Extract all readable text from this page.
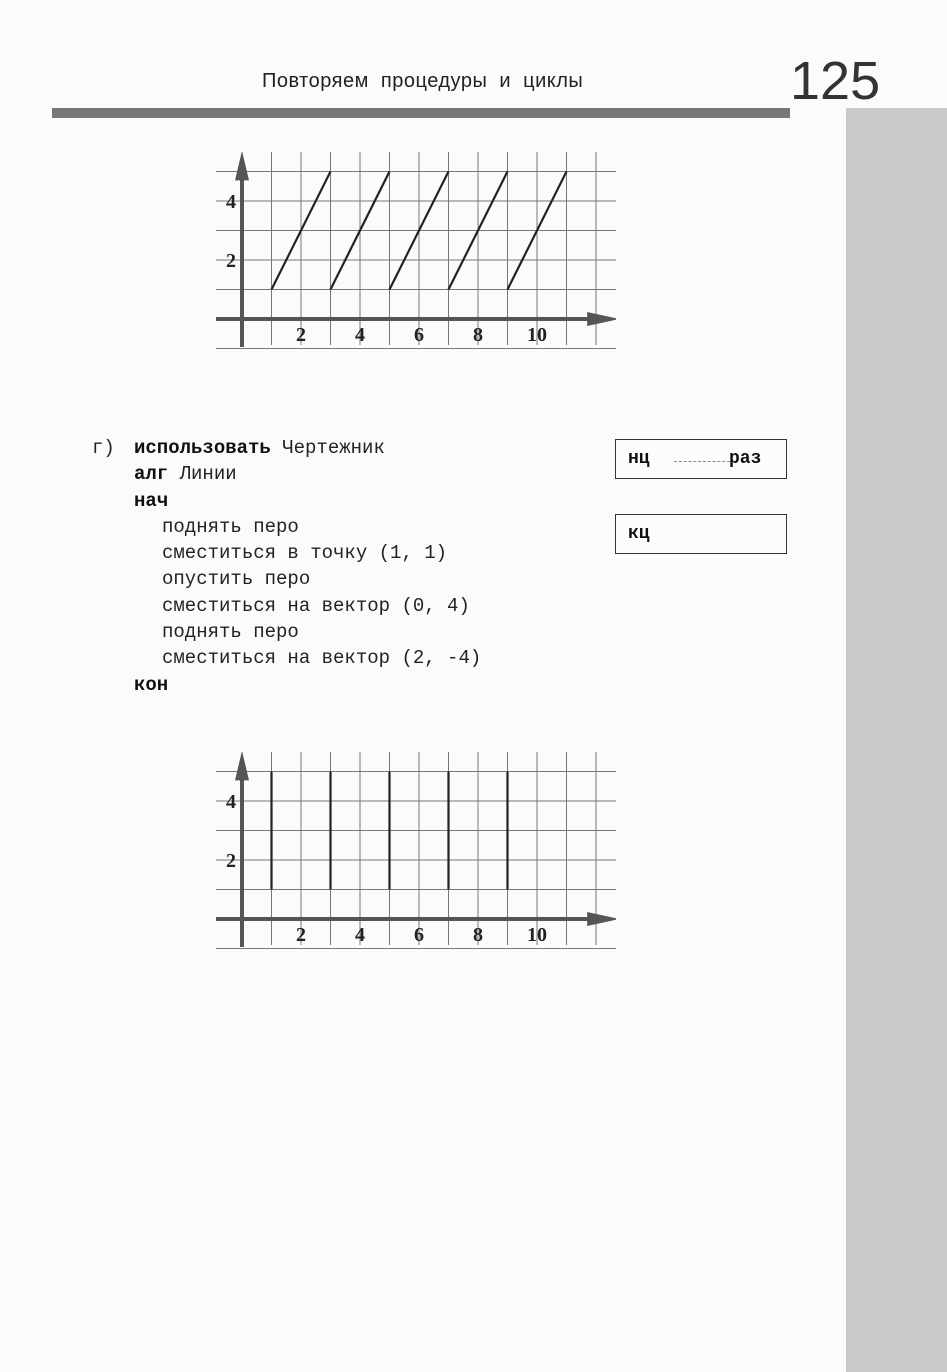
Повторяем процедуры и циклы	125
2 4 6 8 10
2
4
г) использовать Чертежник
алг Линии
нач
поднять перо
сместиться в точку (1, 1)
опустить перо
сместиться на вектор (0, 4)
поднять перо
сместиться на вектор (2, -4)
кон
нц	раз
кц
2 4 6 8 10
2
4
